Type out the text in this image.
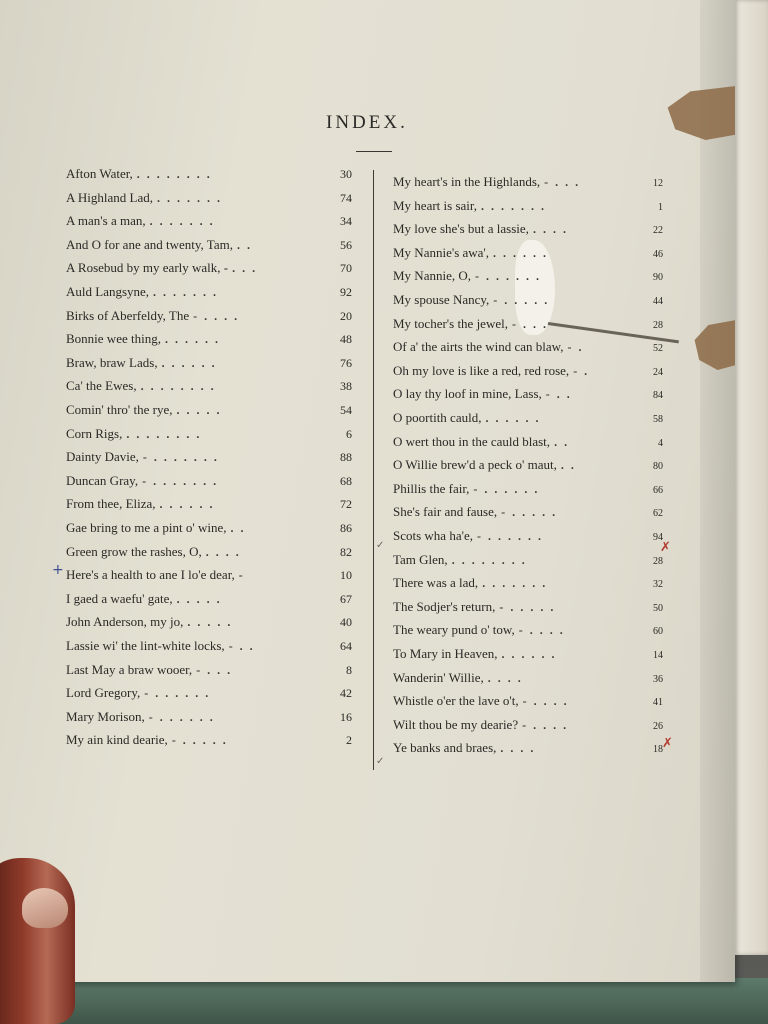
INDEX.
Afton Water, . . . . . . . .	30
A Highland Lad, . . . . . . .	74
A man's a man, . . . . . . .	34
And O for ane and twenty, Tam, . .	56
A Rosebud by my early walk, - . . .	70
Auld Langsyne, . . . . . . .	92
Birks of Aberfeldy, The - . . . .	20
Bonnie wee thing, . . . . . .	48
Braw, braw Lads, . . . . . .	76
Ca' the Ewes, . . . . . . . .	38
Comin' thro' the rye, . . . . .	54
Corn Rigs, . . . . . . . .	6
Dainty Davie, - . . . . . . .	88
Duncan Gray, - . . . . . . .	68
From thee, Eliza, . . . . . .	72
Gae bring to me a pint o' wine, . .	86
Green grow the rashes, O, . . . .	82
Here's a health to ane I lo'e dear, -	10
I gaed a waefu' gate, . . . . .	67
John Anderson, my jo, . . . . .	40
Lassie wi' the lint-white locks, - . .	64
Last May a braw wooer, - . . .	8
Lord Gregory, - . . . . . .	42
Mary Morison, - . . . . . .	16
My ain kind dearie, - . . . . .	2
My heart's in the Highlands, - . . .	12
My heart is sair, . . . . . . .	1
My love she's but a lassie, . . . .	22
My Nannie's awa', . . . . . .	46
My Nannie, O, - . . . . . .	90
My spouse Nancy, - . . . . .	44
My tocher's the jewel, - . . .	28
Of a' the airts the wind can blaw, - .	52
Oh my love is like a red, red rose, - .	24
O lay thy loof in mine, Lass, - . .	84
O poortith cauld, . . . . . .	58
O wert thou in the cauld blast, . .	4
O Willie brew'd a peck o' maut, . .	80
Phillis the fair, - . . . . . .	66
She's fair and fause, - . . . . .	62
Scots wha ha'e, - . . . . . .	94
Tam Glen, . . . . . . . .	28
There was a lad, . . . . . . .	32
The Sodjer's return, - . . . . .	50
The weary pund o' tow, - . . . .	60
To Mary in Heaven, . . . . . .	14
Wanderin' Willie, . . . .	36
Whistle o'er the lave o't, - . . . .	41
Wilt thou be my dearie? - . . . .	26
Ye banks and braes, . . . .	18
+
✓
✓
✗
✗
